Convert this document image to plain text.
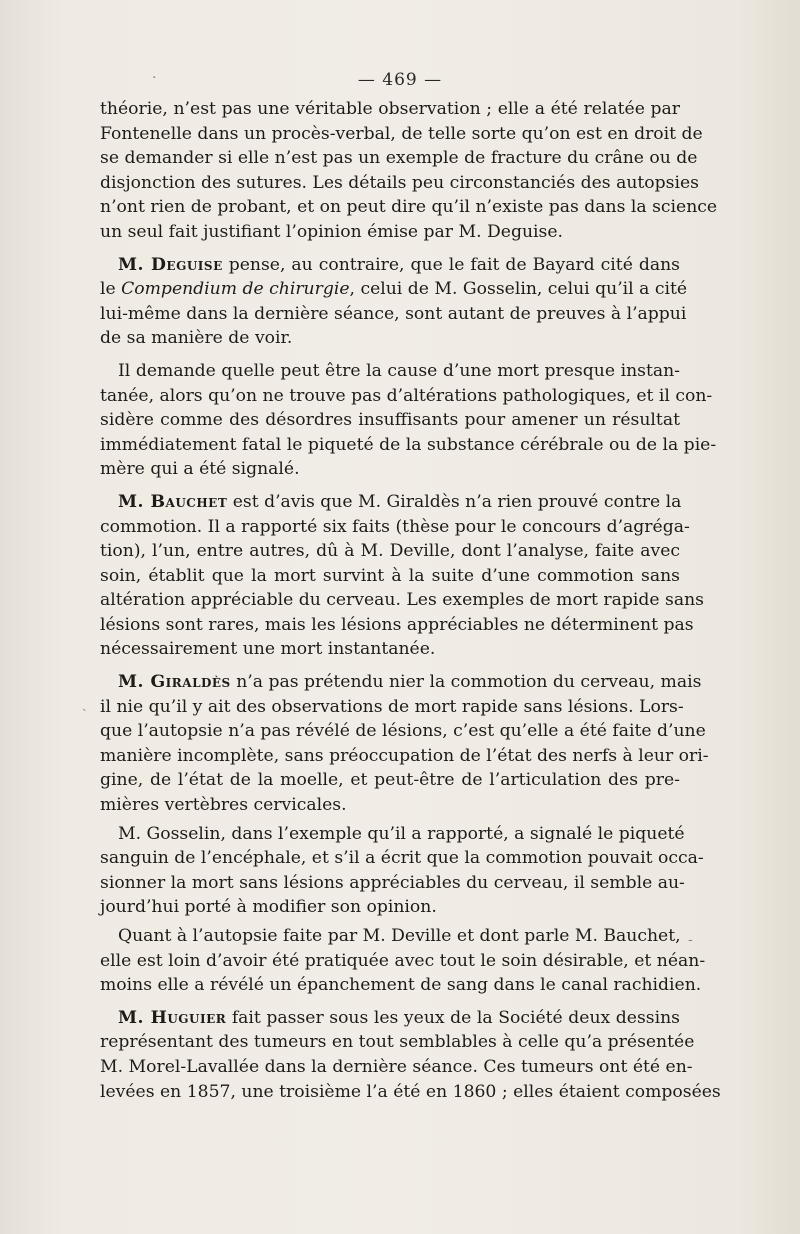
·	— 469 —
théorie, n’est pas une véritable observation ; elle a été relatée par
Fontenelle dans un procès-verbal, de telle sorte qu’on est en droit de
se demander si elle n’est pas un exemple de fracture du crâne ou de
disjonction des sutures. Les détails peu circonstanciés des autopsies
n’ont rien de probant, et on peut dire qu’il n’existe pas dans la science
un seul fait justifiant l’opinion émise par M. Deguise.
M. Deguise pense, au contraire, que le fait de Bayard cité dans
le Compendium de chirurgie, celui de M. Gosselin, celui qu’il a cité
lui-même dans la dernière séance, sont autant de preuves à l’appui
de sa manière de voir.
Il demande quelle peut être la cause d’une mort presque instan-
tanée, alors qu’on ne trouve pas d’altérations pathologiques, et il con-
sidère comme des désordres insuffisants pour amener un résultat
immédiatement fatal le piqueté de la substance cérébrale ou de la pie-
mère qui a été signalé.
M. Bauchet est d’avis que M. Giraldès n’a rien prouvé contre la
commotion. Il a rapporté six faits (thèse pour le concours d’agréga-
tion), l’un, entre autres, dû à M. Deville, dont l’analyse, faite avec
soin, établit que la mort survint à la suite d’une commotion sans
altération appréciable du cerveau. Les exemples de mort rapide sans
lésions sont rares, mais les lésions appréciables ne déterminent pas
nécessairement une mort instantanée.
M. Giraldès n’a pas prétendu nier la commotion du cerveau, mais
il nie qu’il y ait des observations de mort rapide sans lésions. Lors-
que l’autopsie n’a pas révélé de lésions, c’est qu’elle a été faite d’une
manière incomplète, sans préoccupation de l’état des nerfs à leur ori-
gine, de l’état de la moelle, et peut-être de l’articulation des pre-
mières vertèbres cervicales.
M. Gosselin, dans l’exemple qu’il a rapporté, a signalé le piqueté
sanguin de l’encéphale, et s’il a écrit que la commotion pouvait occa-
sionner la mort sans lésions appréciables du cerveau, il semble au-
jourd’hui porté à modifier son opinion.
Quant à l’autopsie faite par M. Deville et dont parle M. Bauchet,
elle est loin d’avoir été pratiquée avec tout le soin désirable, et néan-
moins elle a révélé un épanchement de sang dans le canal rachidien.
M. Huguier fait passer sous les yeux de la Société deux dessins
représentant des tumeurs en tout semblables à celle qu’a présentée
M. Morel-Lavallée dans la dernière séance. Ces tumeurs ont été en-
levées en 1857, une troisième l’a été en 1860 ; elles étaient composées
ˎ
-
